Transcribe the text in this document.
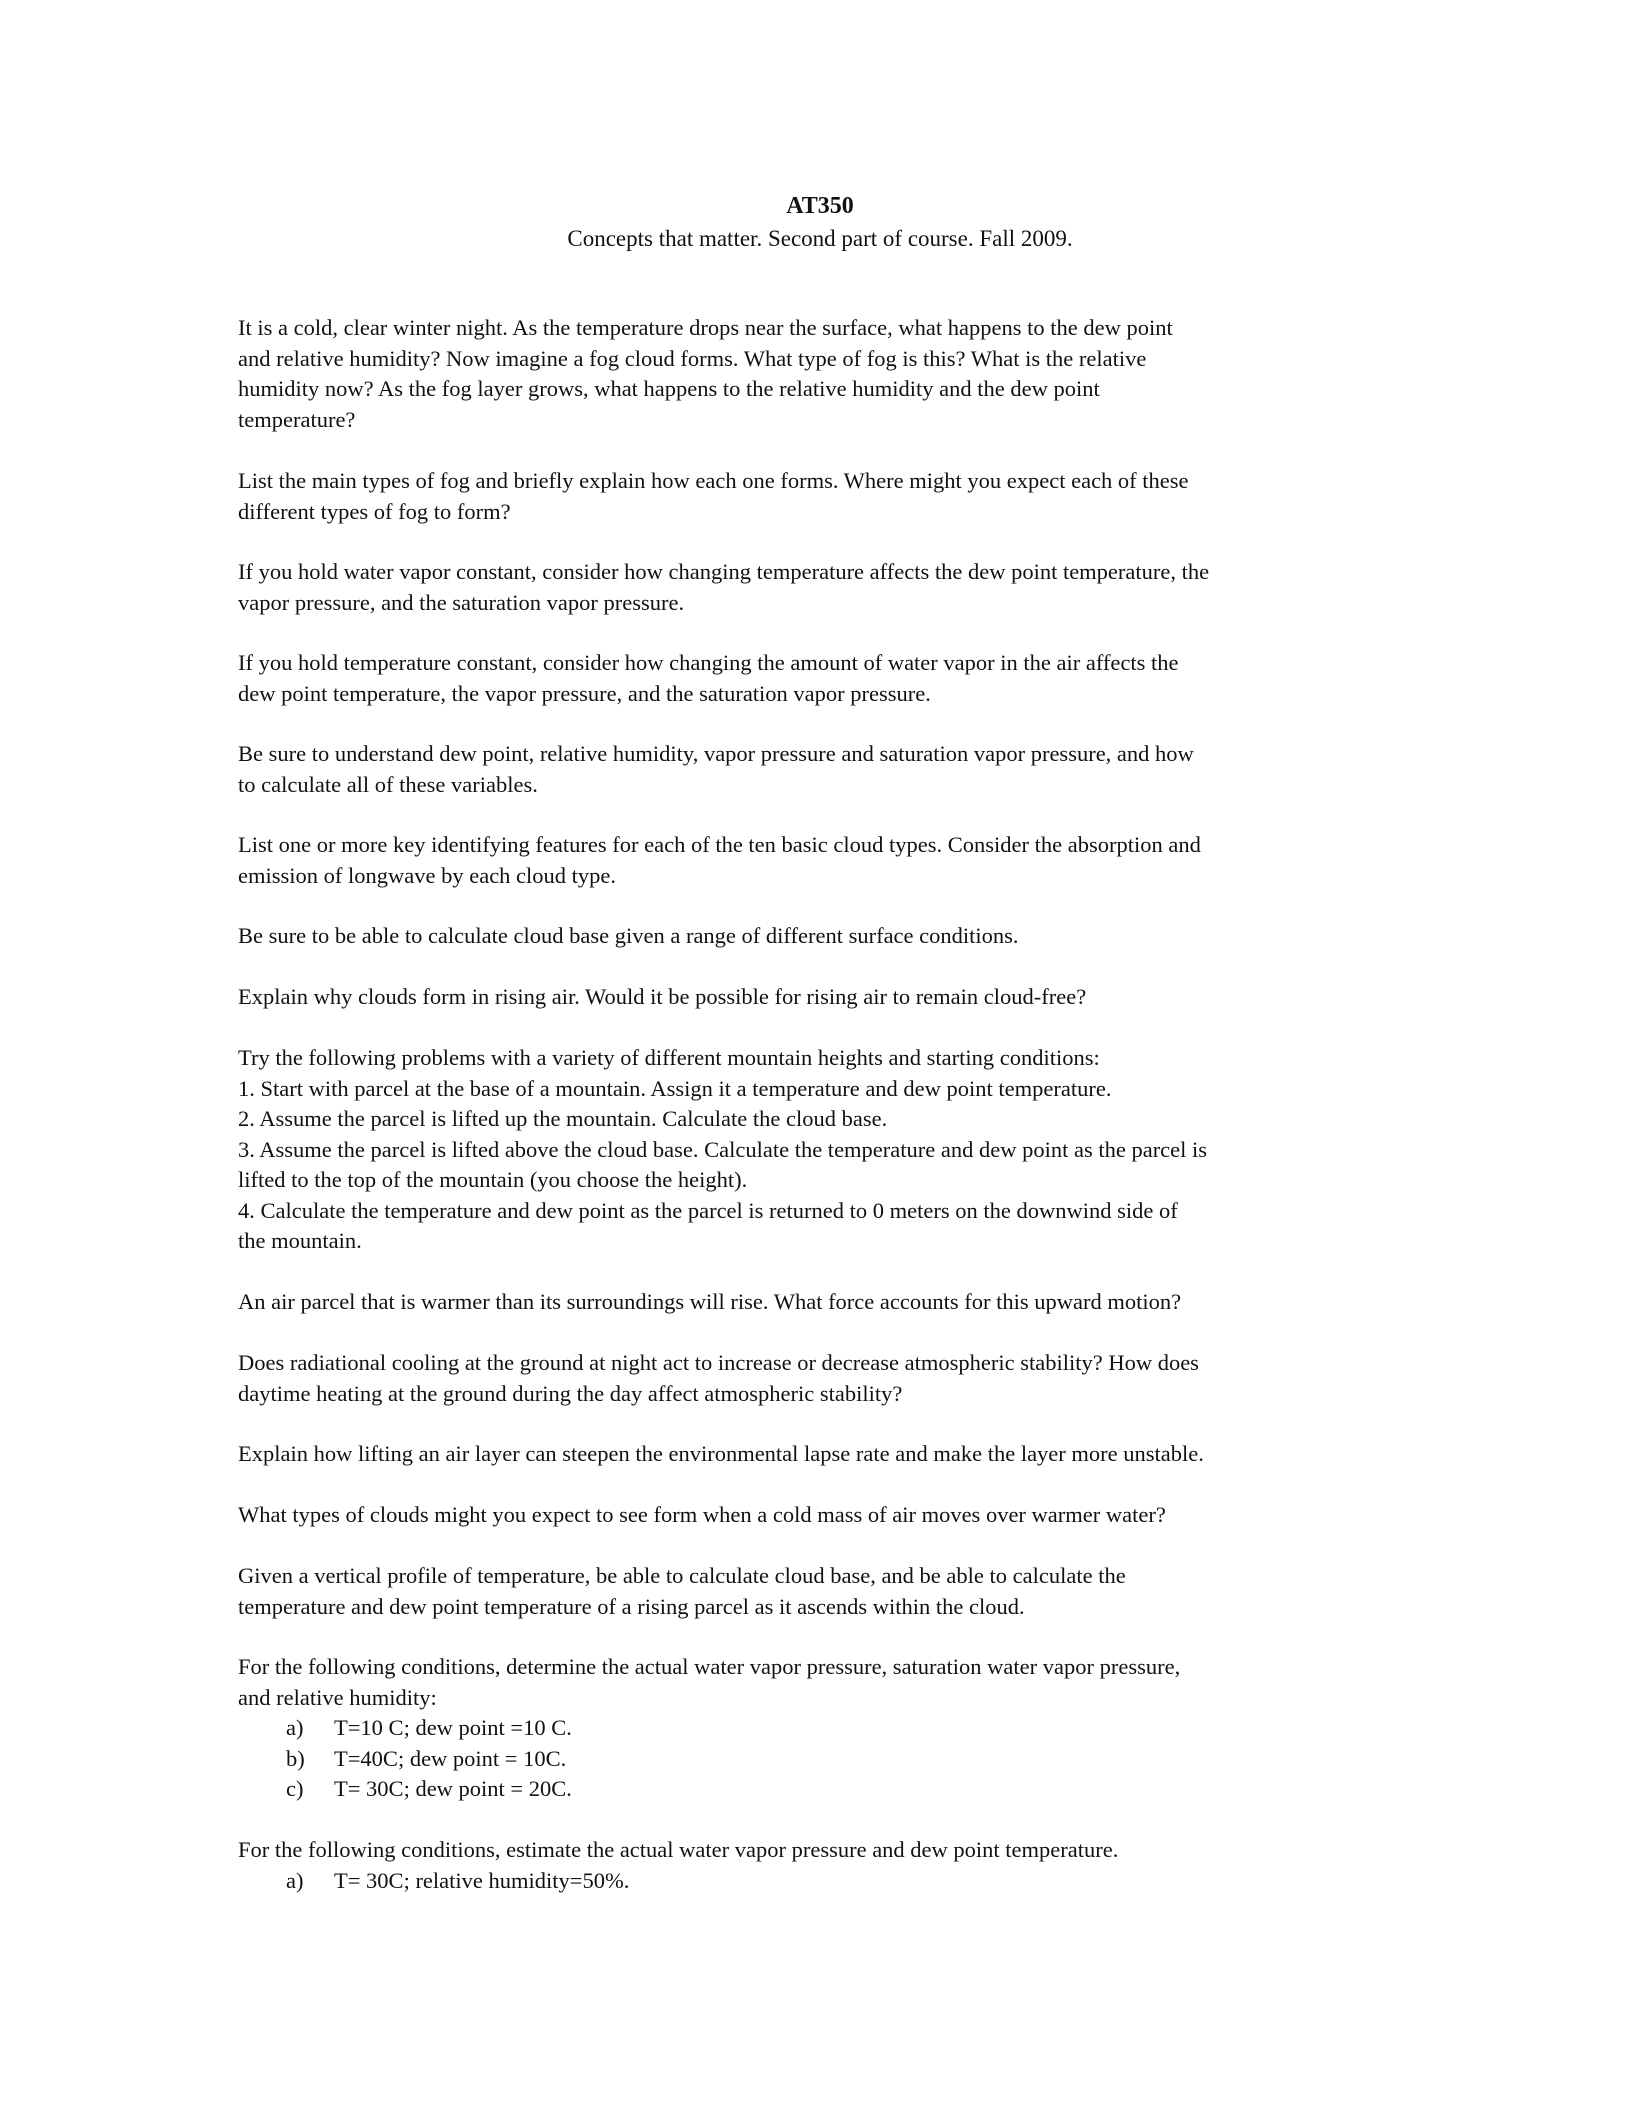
AT350
Concepts that matter. Second part of course. Fall 2009.

It is a cold, clear winter night. As the temperature drops near the surface, what happens to the dew point
and relative humidity? Now imagine a fog cloud forms. What type of fog is this? What is the relative
humidity now? As the fog layer grows, what happens to the relative humidity and the dew point
temperature?

List the main types of fog and briefly explain how each one forms. Where might you expect each of these
different types of fog to form?

If you hold water vapor constant, consider how changing temperature affects the dew point temperature, the
vapor pressure, and the saturation vapor pressure.

If you hold temperature constant, consider how changing the amount of water vapor in the air affects the
dew point temperature, the vapor pressure, and the saturation vapor pressure.

Be sure to understand dew point, relative humidity, vapor pressure and saturation vapor pressure, and how
to calculate all of these variables.

List one or more key identifying features for each of the ten basic cloud types. Consider the absorption and
emission of longwave by each cloud type.

Be sure to be able to calculate cloud base given a range of different surface conditions.

Explain why clouds form in rising air. Would it be possible for rising air to remain cloud-free?

Try the following problems with a variety of different mountain heights and starting conditions:
1. Start with parcel at the base of a mountain. Assign it a temperature and dew point temperature.
2. Assume the parcel is lifted up the mountain. Calculate the cloud base.
3. Assume the parcel is lifted above the cloud base. Calculate the temperature and dew point as the parcel is
lifted to the top of the mountain (you choose the height).
4. Calculate the temperature and dew point as the parcel is returned to 0 meters on the downwind side of
the mountain.

An air parcel that is warmer than its surroundings will rise. What force accounts for this upward motion?

Does radiational cooling at the ground at night act to increase or decrease atmospheric stability? How does
daytime heating at the ground during the day affect atmospheric stability?

Explain how lifting an air layer can steepen the environmental lapse rate and make the layer more unstable.

What types of clouds might you expect to see form when a cold mass of air moves over warmer water?

Given a vertical profile of temperature, be able to calculate cloud base, and be able to calculate the
temperature and dew point temperature of a rising parcel as it ascends within the cloud.

For the following conditions, determine the actual water vapor pressure, saturation water vapor pressure,
and relative humidity:

a) T=10 C; dew point =10 C.
b) T=40C; dew point = 10C.
c) T= 30C; dew point = 20C.

For the following conditions, estimate the actual water vapor pressure and dew point temperature.

a) T= 30C; relative humidity=50%.
